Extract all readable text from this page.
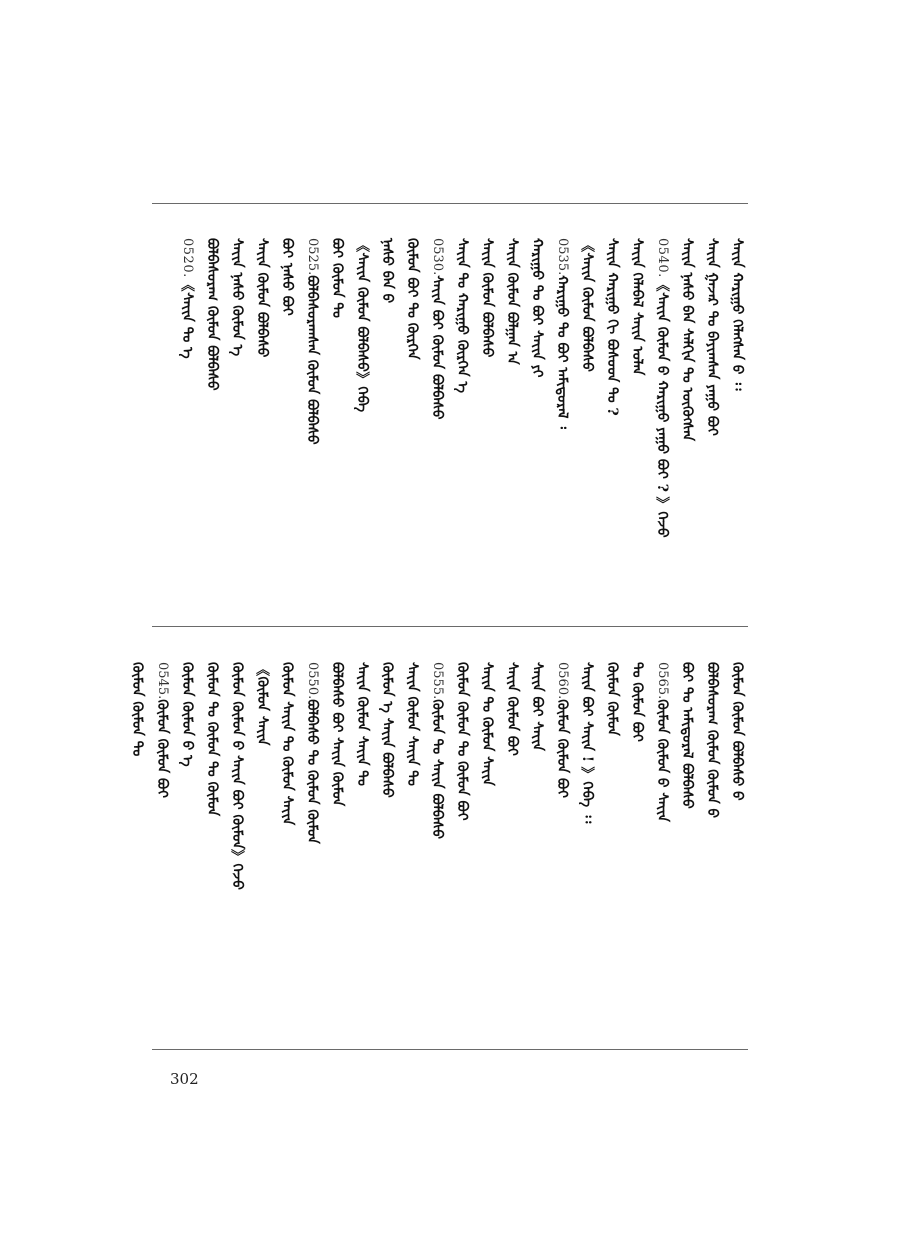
ᠰᠠᠶ᠋ᠢᠨ ᠬᠠᠷᠢᠭᠤ ᠬᠡᠯᠡᠭᠰᠡᠨ ᠦ᠌ ᠄᠄
ᠰᠠᠶ᠋ᠢᠨ ᠭᠠᠵᠠᠷ ᠲᠤ ᠪᠠᠶᠢᠭᠰᠠᠨ ᠶᠠᠭᠤ ᠪᠤᠢ
ᠰᠠᠶ᠋ᠢᠨ ᠨᠠᠰᠤ ᠪᠠᠨ ᠰᠠᠯᠬᠢᠨ ᠲᠤ ᠦᠬᠦᠭᠰᠡᠨ
0540.《ᠰᠠᠶ᠋ᠢᠨ ᠬᠦᠮᠦᠨ ᠤ᠋ ᠬᠠᠷᠢᠭᠤ ᠶᠠᠭᠤ ᠪᠤᠢ ? 》ᠭᠡᠵᠦ
ᠰᠠᠶ᠋ᠢᠨ ᠬᠡᠯᠡᠪᠡᠯ ᠰᠠᠶ᠋ᠢᠨ ᠤᠯᠠᠨ
ᠰᠠᠶ᠋ᠢᠨ ᠬᠠᠷᠢᠭᠤ ᠬᠢ ᠪᠤᠰᠤᠳ ᠲᠤ ?
《ᠰᠠᠶ᠋ᠢᠨ ᠬᠦᠮᠦᠨ ᠪᠣᠯᠪᠠᠰᠤ
0535.ᠬᠠᠷᠢᠭᠤ ᠲᠤ ᠪᠤᠢ ᠠᠮᠢᠳᠤᠷᠠᠯ ᠄
ᠬᠠᠷᠢᠭᠤ ᠲᠤ ᠪᠤᠢ ᠰᠠᠶ᠋ᠢᠨ ᠶᠢ
ᠰᠠᠶ᠋ᠢᠨ ᠬᠦᠮᠦᠨ ᠪᠣᠯᠭᠠᠨ ᠠ
ᠰᠠᠶ᠋ᠢᠨ ᠬᠦᠮᠦᠨ ᠪᠣᠯᠪᠠᠰᠤ
ᠰᠠᠶ᠋ᠢᠨ ᠲᠤ ᠬᠠᠷᠢᠭᠤ ᠬᠦᠷᠭᠡᠨ ᠡ
0530.ᠰᠠᠶ᠋ᠢᠨ ᠪᠤᠢ ᠬᠦᠮᠦᠨ ᠪᠣᠯᠪᠠᠰᠤ
ᠬᠦᠮᠦᠨ ᠪᠤᠢ ᠲᠤ ᠬᠦᠷᠭᠡᠨ
ᠨᠠᠰᠤ ᠪᠠᠨ ᠦ᠌
《ᠰᠠᠶ᠋ᠢᠨ ᠬᠦᠮᠦᠨ ᠪᠣᠯᠪᠠᠰᠤ》ᠭᠡᠪᠡ
ᠪᠤᠢ ᠬᠦᠮᠦᠨ ᠲᠤ
0525.ᠪᠣᠯᠪᠠᠰᠤᠷᠠᠭᠰᠠᠨ ᠬᠦᠮᠦᠨ ᠪᠣᠯᠪᠠᠰᠤ
ᠪᠤᠢ ᠨᠠᠰᠤ ᠪᠤᠢ
ᠰᠠᠶ᠋ᠢᠨ ᠬᠦᠮᠦᠨ ᠪᠣᠯᠪᠠᠰᠤ
ᠰᠠᠶ᠋ᠢᠨ ᠨᠠᠰᠤ ᠬᠦᠮᠦᠨ ᠡ
ᠪᠣᠯᠪᠠᠰᠤᠷᠠᠭ ᠬᠦᠮᠦᠨ ᠪᠣᠯᠪᠠᠰᠤ
0520.《ᠰᠠᠶ᠋ᠢᠨ ᠲᠤ ᠡ
ᠬᠦᠮᠦᠨ ᠬᠦᠮᠦᠨ ᠪᠣᠯᠪᠠᠰᠤ ᠦ᠌
ᠪᠣᠯᠪᠠᠰᠤᠷᠠᠭ ᠬᠦᠮᠦᠨ ᠬᠦᠮᠦᠨ ᠦ᠌
ᠪᠤᠢ ᠲᠤ ᠠᠮᠢᠳᠤᠷᠠᠯ ᠪᠣᠯᠪᠠᠰᠤ
0565.ᠬᠦᠮᠦᠨ ᠬᠦᠮᠦᠨ ᠦ᠌ ᠰᠠᠶ᠋ᠢᠨ
ᠲᠤ ᠬᠦᠮᠦᠨ ᠪᠤᠢ
ᠬᠦᠮᠦᠨ ᠬᠦᠮᠦᠨ
ᠰᠠᠶ᠋ᠢᠨ ᠪᠤᠢ ᠰᠠᠶ᠋ᠢᠨ ! 》ᠭᠡᠪᠡ ᠄᠄
0560.ᠬᠦᠮᠦᠨ ᠬᠦᠮᠦᠨ ᠪᠤᠢ
ᠰᠠᠶ᠋ᠢᠨ ᠪᠤᠢ ᠰᠠᠶ᠋ᠢᠨ
ᠰᠠᠶ᠋ᠢᠨ ᠬᠦᠮᠦᠨ ᠪᠤᠢ
ᠰᠠᠶ᠋ᠢᠨ ᠲᠤ ᠬᠦᠮᠦᠨ ᠰᠠᠶ᠋ᠢᠨ
ᠬᠦᠮᠦᠨ ᠬᠦᠮᠦᠨ ᠲᠤ ᠬᠦᠮᠦᠨ ᠪᠤᠢ
0555.ᠬᠦᠮᠦᠨ ᠲᠤ ᠰᠠᠶ᠋ᠢᠨ ᠪᠣᠯᠪᠠᠰᠤ
ᠰᠠᠶ᠋ᠢᠨ ᠬᠦᠮᠦᠨ ᠰᠠᠶ᠋ᠢᠨ ᠲᠤ
ᠬᠦᠮᠦᠨ ᠡ ᠰᠠᠶ᠋ᠢᠨ ᠪᠣᠯᠪᠠᠰᠤ
ᠰᠠᠶ᠋ᠢᠨ ᠬᠦᠮᠦᠨ ᠰᠠᠶ᠋ᠢᠨ ᠲᠤ
ᠪᠣᠯᠪᠠᠰᠤ ᠪᠤᠢ ᠰᠠᠶ᠋ᠢᠨ ᠬᠦᠮᠦᠨ
0550.ᠪᠣᠯᠪᠠᠰᠤ ᠲᠤ ᠬᠦᠮᠦᠨ ᠬᠦᠮᠦᠨ
ᠬᠦᠮᠦᠨ ᠰᠠᠶ᠋ᠢᠨ ᠲᠤ ᠬᠦᠮᠦᠨ ᠰᠠᠶ᠋ᠢᠨ
《ᠬᠦᠮᠦᠨ ᠰᠠᠶ᠋ᠢᠨ
ᠬᠦᠮᠦᠨ ᠬᠦᠮᠦᠨ ᠦ᠌ ᠰᠠᠶ᠋ᠢᠨ ᠪᠤᠢ ᠬᠦᠮᠦᠨ》ᠭᠡᠵᠦ
ᠬᠦᠮᠦᠨ ᠲᠤ ᠬᠦᠮᠦᠨ ᠲᠤ ᠬᠦᠮᠦᠨ
ᠬᠦᠮᠦᠨ ᠬᠦᠮᠦᠨ ᠦ᠌ ᠡ
0545.ᠬᠦᠮᠦᠨ ᠬᠦᠮᠦᠨ ᠪᠤᠢ
ᠬᠦᠮᠦᠨ ᠬᠦᠮᠦᠨ ᠲᠤ
302
